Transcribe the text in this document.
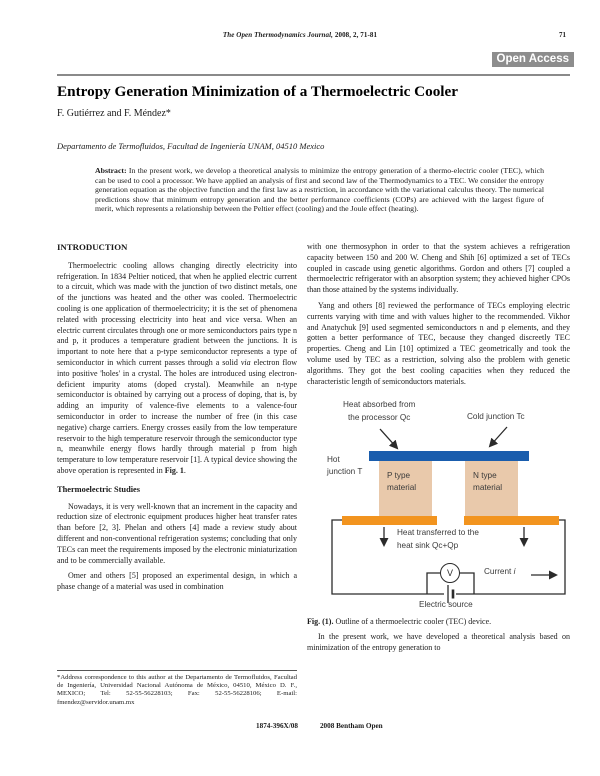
The Open Thermodynamics Journal, 2008, 2, 71-81	71
Open Access
Entropy Generation Minimization of a Thermoelectric Cooler
F. Gutiérrez and F. Méndez*
Departamento de Termofluidos, Facultad de Ingeniería UNAM, 04510 Mexico
Abstract: In the present work, we develop a theoretical analysis to minimize the entropy generation of a thermo-electric cooler (TEC), which can be used to cool a processor. We have applied an analysis of first and second law of the Thermodynamics to a TEC. We consider the entropy generation equation as the objective function and the first law as a restriction, in accordance with the variational calculus theory. The numerical predictions show that minimum entropy generation and the better performance coefficients (COPs) are achieved with the largest figure of merit, which represents a relationship between the Peltier effect (cooling) and the Joule effect (heating).
INTRODUCTION

Thermoelectric cooling allows changing directly electricity into refrigeration. In 1834 Peltier noticed, that when he applied electric current to a circuit, which was made with the junction of two distinct metals, one of the junctions was heated and the other was cooled. Thermoelectric cooling is one application of thermoelectricity; it is the set of phenomena related with processing electricity into heat and vice versa. When an electric current circulates through one or more semiconductors pairs type n and p, it produces a temperature gradient between the junctions. It is important to note here that a p-type semiconductor represents a type of semiconductor in which current passes through a solid via electron flow into positive 'holes' in a crystal. The holes are introduced using electron-deficient impurity atoms (doped crystal). Meanwhile an n-type semiconductor is obtained by carrying out a process of doping, that is, by adding an impurity of valence-five elements to a valence-four semiconductor in order to increase the number of free (in this case negative) charge carriers. Energy crosses easily from the low temperature reservoir to the high temperature reservoir through the semiconductor type n, meanwhile energy flows hardly through material p from high temperature to low temperature reservoir [1]. A typical device showing the above operation is represented in Fig. 1.

Thermoelectric Studies

Nowadays, it is very well-known that an increment in the capacity and reduction size of electronic equipment produces higher heat transfer rates than before [2, 3]. Phelan and others [4] made a review study about different and non-conventional refrigeration systems; concluding that only TECs can meet the requirements imposed by the electronic miniaturization and to be commercially available.

Omer and others [5] proposed an experimental design, in which a phase change of a material was used in combination

*Address correspondence to this author at the Departamento de Termofluidos, Facultad de Ingeniería, Universidad Nacional Autónoma de México, 04510, México D. F., MEXICO; Tel: 52-55-56228103; Fax: 52-55-56228106; E-mail: fmendez@servidor.unam.mx

with one thermosyphon in order to that the system achieves a refrigeration capacity between 150 and 200 W. Cheng and Shih [6] optimized a set of TECs coupled in cascade using genetic algorithms. Gordon and others [7] coupled a thermoelectric refrigerator with an absorption system; they achieved higher CPOs than those attained by the systems individually.

Yang and others [8] reviewed the performance of TECs employing electric currents varying with time and with values higher to the recommended. Vikhor and Anatychuk [9] used segmented semiconductors n and p elements, and they gotten a better performance of TEC, because they changed discreetly TEC properties. Cheng and Lin [10] optimized a TEC geometrically and took the volume used by TEC as a restriction, solving also the problem with genetic algorithms. They got the best cooling capacities when they reduced the characteristic length of semiconductors materials.

Heat absorbed from
the processor Qc	Cold junction Tc
Hot
junction T	P type
material
N type
material
Heat transferred to the
heat sink Qc+Qp
V	Current i
Electric source

Fig. (1). Outline of a thermoelectric cooler (TEC) device.

In the present work, we have developed a theoretical analysis based on minimization of the entropy generation to

1874-396X/08	2008 Bentham Open
